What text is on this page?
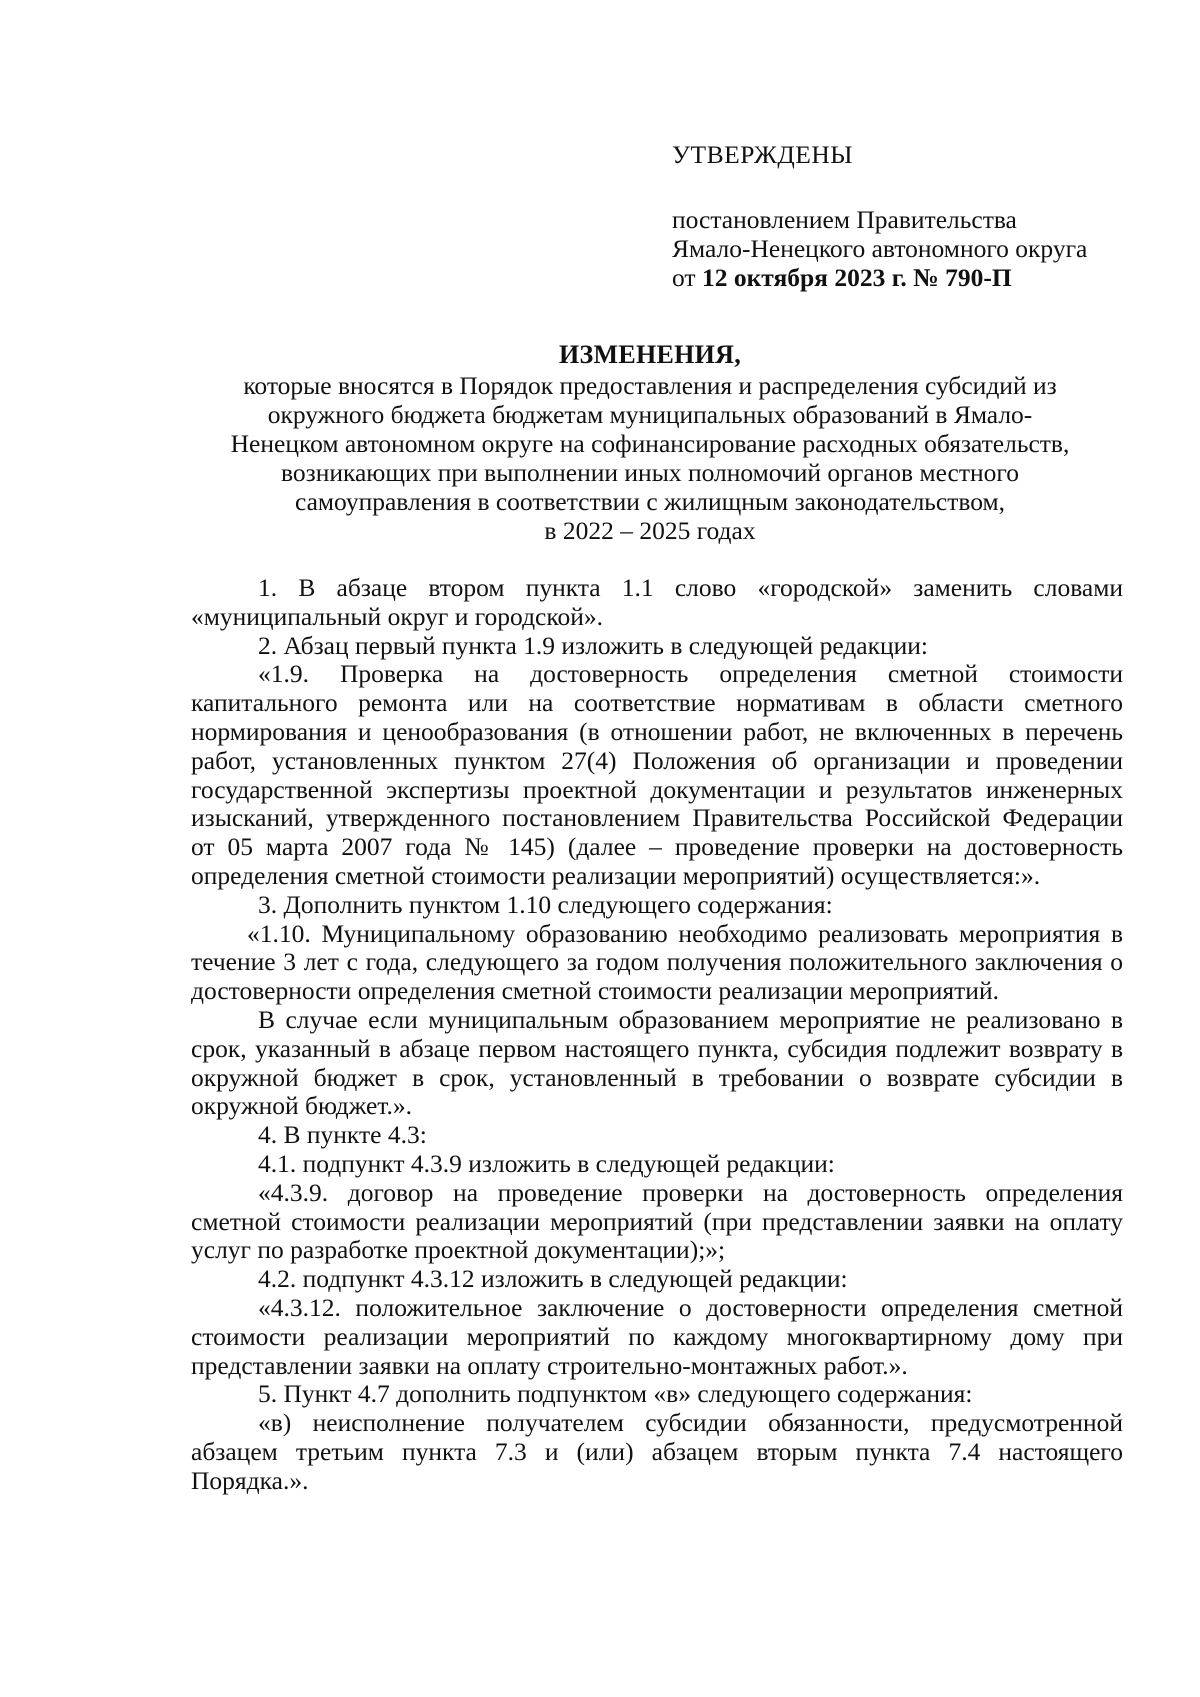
УТВЕРЖДЕНЫ
постановлением Правительства
Ямало-Ненецкого автономного округа
от 12 октября 2023 г. № 790-П
ИЗМЕНЕНИЯ,
которые вносятся в Порядок предоставления и распределения субсидий из
окружного бюджета бюджетам муниципальных образований в Ямало-
Ненецком автономном округе на софинансирование расходных обязательств,
возникающих при выполнении иных полномочий органов местного
самоуправления в соответствии с жилищным законодательством,
в 2022 – 2025 годах

1. В абзаце втором пункта 1.1 слово «городской» заменить словами «муниципальный округ и городской».

2. Абзац первый пункта 1.9 изложить в следующей редакции:

«1.9. Проверка на достоверность определения сметной стоимости капитального ремонта или на соответствие нормативам в области сметного нормирования и ценообразования (в отношении работ, не включенных в перечень работ, установленных пунктом 27(4) Положения об организации и проведении государственной экспертизы проектной документации и результатов инженерных изысканий, утвержденного постановлением Правительства Российской Федерации от 05 марта 2007 года № 145) (далее – проведение проверки на достоверность определения сметной стоимости реализации мероприятий) осуществляется:».

3. Дополнить пунктом 1.10 следующего содержания:

«1.10. Муниципальному образованию необходимо реализовать мероприятия в течение 3 лет с года, следующего за годом получения положительного заключения о достоверности определения сметной стоимости реализации мероприятий.

В случае если муниципальным образованием мероприятие не реализовано в срок, указанный в абзаце первом настоящего пункта, субсидия подлежит возврату в окружной бюджет в срок, установленный в требовании о возврате субсидии в окружной бюджет.».

4. В пункте 4.3:

4.1. подпункт 4.3.9 изложить в следующей редакции:

«4.3.9. договор на проведение проверки на достоверность определения сметной стоимости реализации мероприятий (при представлении заявки на оплату услуг по разработке проектной документации);»;

4.2. подпункт 4.3.12 изложить в следующей редакции:

«4.3.12. положительное заключение о достоверности определения сметной стоимости реализации мероприятий по каждому многоквартирному дому при представлении заявки на оплату строительно-монтажных работ.».

5. Пункт 4.7 дополнить подпунктом «в» следующего содержания:

«в) неисполнение получателем субсидии обязанности, предусмотренной абзацем третьим пункта 7.3 и (или) абзацем вторым пункта 7.4 настоящего Порядка.».
